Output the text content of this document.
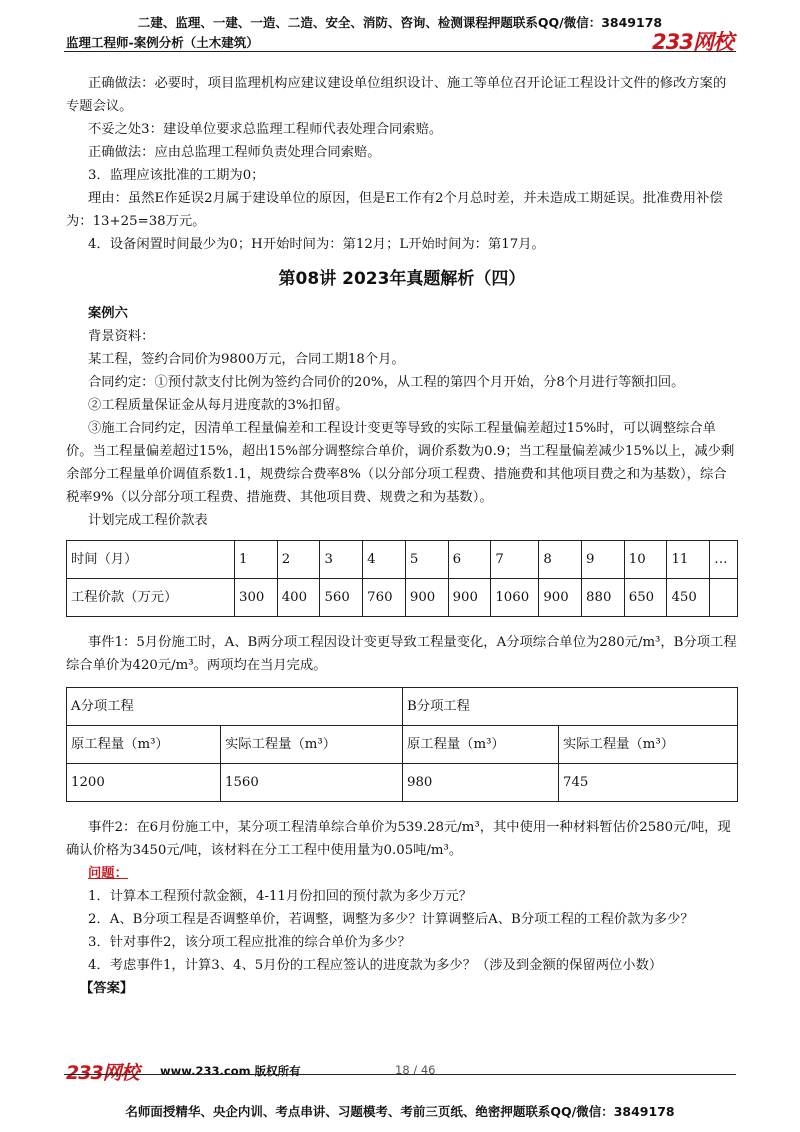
二建、监理、一建、一造、二造、安全、消防、咨询、检测课程押题联系QQ/微信：3849178
监理工程师-案例分析（土木建筑）	233网校
正确做法：必要时，项目监理机构应建议建设单位组织设计、施工等单位召开论证工程设计文件的修改方案的专题会议。
不妥之处3：建设单位要求总监理工程师代表处理合同索赔。
正确做法：应由总监理工程师负责处理合同索赔。
3．监理应该批准的工期为0；
理由：虽然E作延误2月属于建设单位的原因，但是E工作有2个月总时差，并未造成工期延误。批准费用补偿为：13+25=38万元。
4．设备闲置时间最少为0；H开始时间为：第12月；L开始时间为：第17月。
第08讲 2023年真题解析（四）
案例六
背景资料：
某工程，签约合同价为9800万元，合同工期18个月。
合同约定：①预付款支付比例为签约合同价的20%，从工程的第四个月开始，分8个月进行等额扣回。
②工程质量保证金从每月进度款的3%扣留。
③施工合同约定，因清单工程量偏差和工程设计变更等导致的实际工程量偏差超过15%时，可以调整综合单价。当工程量偏差超过15%，超出15%部分调整综合单价，调价系数为0.9；当工程量偏差减少15%以上，减少剩余部分工程量单价调值系数1.1，规费综合费率8%（以分部分项工程费、措施费和其他项目费之和为基数），综合税率9%（以分部分项工程费、措施费、其他项目费、规费之和为基数）。
计划完成工程价款表
时间（月）	1	2	3	4	5	6	7	8	9	10	11	…
工程价款（万元）	300	400	560	760	900	900	1060	900	880	650	450	
事件1：5月份施工时，A、B两分项工程因设计变更导致工程量变化，A分项综合单位为280元/m³，B分项工程综合单价为420元/m³。两项均在当月完成。
A分项工程		B分项工程	
原工程量（m³）	实际工程量（m³）	原工程量（m³）	实际工程量（m³）
1200	1560	980	745
事件2：在6月份施工中，某分项工程清单综合单价为539.28元/m³，其中使用一种材料暂估价2580元/吨，现确认价格为3450元/吨，该材料在分工工程中使用量为0.05吨/m³。
问题：
1．计算本工程预付款金额，4-11月份扣回的预付款为多少万元？
2．A、B分项工程是否调整单价，若调整，调整为多少？计算调整后A、B分项工程的工程价款为多少？
3．针对事件2，该分项工程应批准的综合单价为多少？
4．考虑事件1，计算3、4、5月份的工程应签认的进度款为多少？（涉及到金额的保留两位小数）
【答案】
233网校 www.233.com 版权所有	18 / 46
名师面授精华、央企内训、考点串讲、习题模考、考前三页纸、绝密押题联系QQ/微信：3849178
